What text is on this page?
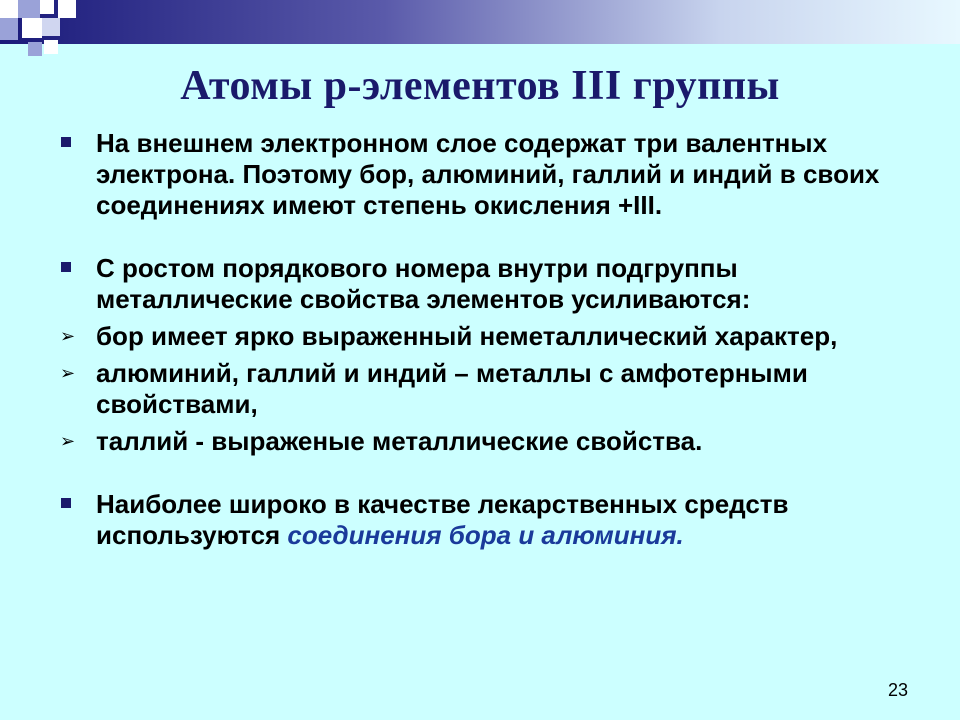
Атомы р-элементов III группы
На внешнем электронном слое содержат три валентных электрона. Поэтому бор, алюминий, галлий и индий в своих соединениях имеют степень окисления +III.
С ростом порядкового номера внутри подгруппы металлические свойства элементов усиливаются:
➢ бор имеет ярко выраженный неметаллический характер,
➢ алюминий, галлий и индий – металлы с амфотерными свойствами,
➢ таллий - выраженые металлические свойства.
Наиболее широко в качестве лекарственных средств используются соединения бора и алюминия.
23
